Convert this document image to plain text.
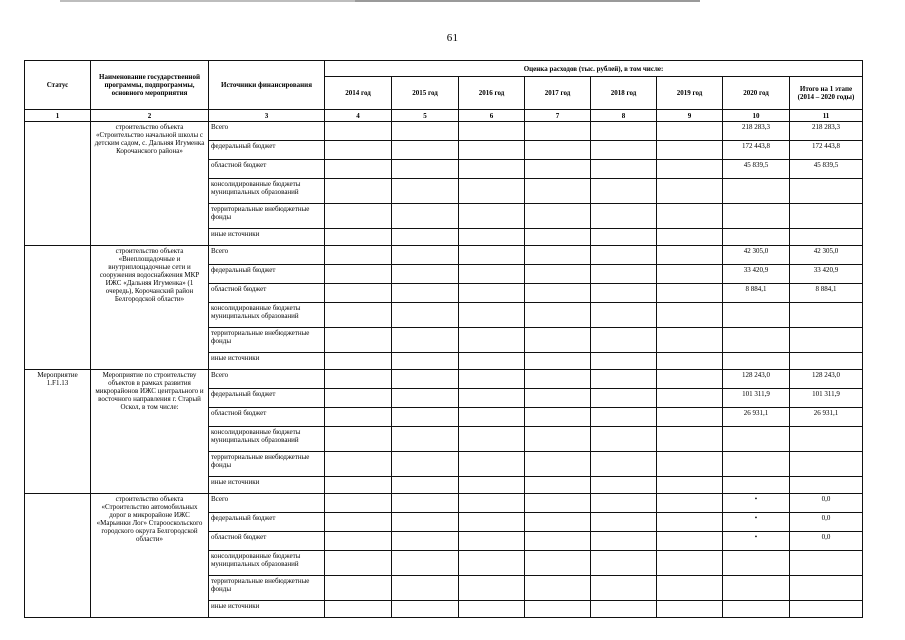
61
Статус	Наименование государственной программы, подпрограммы, основного мероприятия	Источники финансирования	Оценка расходов (тыс. рублей), в том числе:							
			2014 год	2015 год	2016 год	2017 год	2018 год	2019 год	2020 год	Итого на 1 этапе (2014 – 2020 годы)
1	2	3	4	5	6	7	8	9	10	11
	строительство объекта «Строительство начальной школы с детским садом, с. Дальняя Игуменка Корочанского района»	Всего							218 283,3	218 283,3
		федеральный бюджет							172 443,8	172 443,8
		областной бюджет							45 839,5	45 839,5
		консолидированные бюджеты муниципальных образований								
		территориальные внебюджетные фонды								
		иные источники								
	строительство объекта «Внеплощадочные и внутриплощадочные сети и сооружения водоснабжения МКР ИЖС «Дальняя Игуменка» (1 очередь), Корочанский район Белгородской области»	Всего							42 305,0	42 305,0
		федеральный бюджет							33 420,9	33 420,9
		областной бюджет							8 884,1	8 884,1
		консолидированные бюджеты муниципальных образований								
		территориальные внебюджетные фонды								
		иные источники								
Мероприятие 1.F1.13	Мероприятие по строительству объектов в рамках развития микрорайонов ИЖС центрального и восточного направления г. Старый Оскол, в том числе:	Всего							128 243,0	128 243,0
		федеральный бюджет							101 311,9	101 311,9
		областной бюджет							26 931,1	26 931,1
		консолидированные бюджеты муниципальных образований								
		территориальные внебюджетные фонды								
		иные источники								
	строительство объекта «Строительство автомобильных дорог в микрорайоне ИЖС «Марьинки Лог» Старооскольского городского округа Белгородской области»	Всего							•	0,0
		федеральный бюджет							•	0,0
		областной бюджет							•	0,0
		консолидированные бюджеты муниципальных образований								
		территориальные внебюджетные фонды								
		иные источники								
